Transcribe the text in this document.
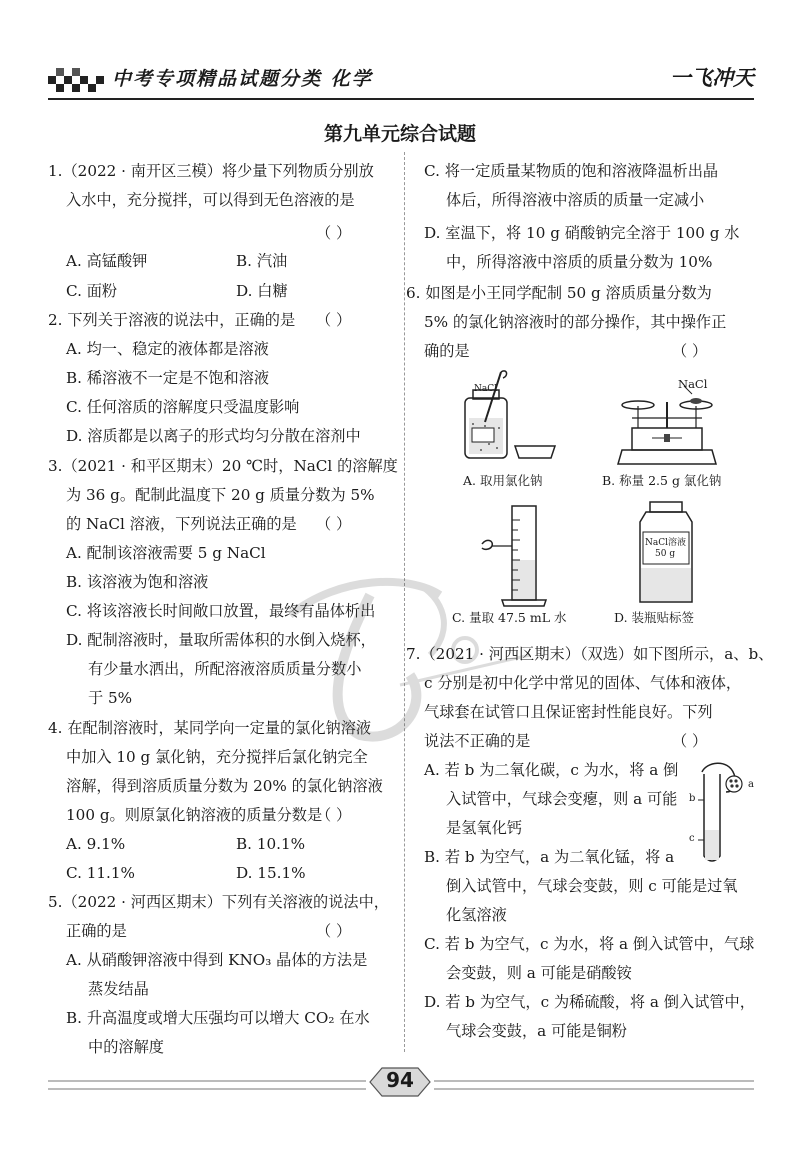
中考专项精品试题分类 化学	一飞冲天
第九单元综合试题
1.（2022 · 南开区三模）将少量下列物质分别放
入水中，充分搅拌，可以得到无色溶液的是
（ ）
A. 高锰酸钾	B. 汽油
C. 面粉	D. 白糖
2. 下列关于溶液的说法中，正确的是 （ ）
A. 均一、稳定的液体都是溶液
B. 稀溶液不一定是不饱和溶液
C. 任何溶质的溶解度只受温度影响
D. 溶质都是以离子的形式均匀分散在溶剂中
3.（2021 · 和平区期末）20 ℃时，NaCl 的溶解度
为 36 g。配制此温度下 20 g 质量分数为 5%
的 NaCl 溶液，下列说法正确的是 （ ）
A. 配制该溶液需要 5 g NaCl
B. 该溶液为饱和溶液
C. 将该溶液长时间敞口放置，最终有晶体析出
D. 配制溶液时，量取所需体积的水倒入烧杯，
有少量水洒出，所配溶液溶质质量分数小
于 5%
4. 在配制溶液时，某同学向一定量的氯化钠溶液
中加入 10 g 氯化钠，充分搅拌后氯化钠完全
溶解，得到溶质质量分数为 20% 的氯化钠溶液
100 g。则原氯化钠溶液的质量分数是
（ ）
A. 9.1%	B. 10.1%
C. 11.1%	D. 15.1%
5.（2022 · 河西区期末）下列有关溶液的说法中，
正确的是	（ ）
A. 从硝酸钾溶液中得到 KNO₃ 晶体的方法是
蒸发结晶
B. 升高温度或增大压强均可以增大 CO₂ 在水
中的溶解度
C. 将一定质量某物质的饱和溶液降温析出晶
体后，所得溶液中溶质的质量一定减小
D. 室温下，将 10 g 硝酸钠完全溶于 100 g 水
中，所得溶液中溶质的质量分数为 10%
6. 如图是小王同学配制 50 g 溶质质量分数为
5% 的氯化钠溶液时的部分操作，其中操作正
确的是	（ ）
NaCl
A. 取用氯化钠
NaCl
B. 称量 2.5 g 氯化钠
C. 量取 47.5 mL 水
NaCl溶液
50 g
D. 装瓶贴标签
7.（2021 · 河西区期末）（双选）如下图所示，a、b、
c 分别是初中化学中常见的固体、气体和液体，
气球套在试管口且保证密封性能良好。下列
说法不正确的是	（ ）
A. 若 b 为二氧化碳，c 为水，将 a 倒
入试管中，气球会变瘪，则 a 可能
是氢氧化钙
B. 若 b 为空气，a 为二氧化锰，将 a
倒入试管中，气球会变鼓，则 c 可能是过氧
化氢溶液
C. 若 b 为空气，c 为水，将 a 倒入试管中，气球
会变鼓，则 a 可能是硝酸铵
D. 若 b 为空气，c 为稀硫酸，将 a 倒入试管中，
气球会变鼓，a 可能是铜粉
a
b
c
94
